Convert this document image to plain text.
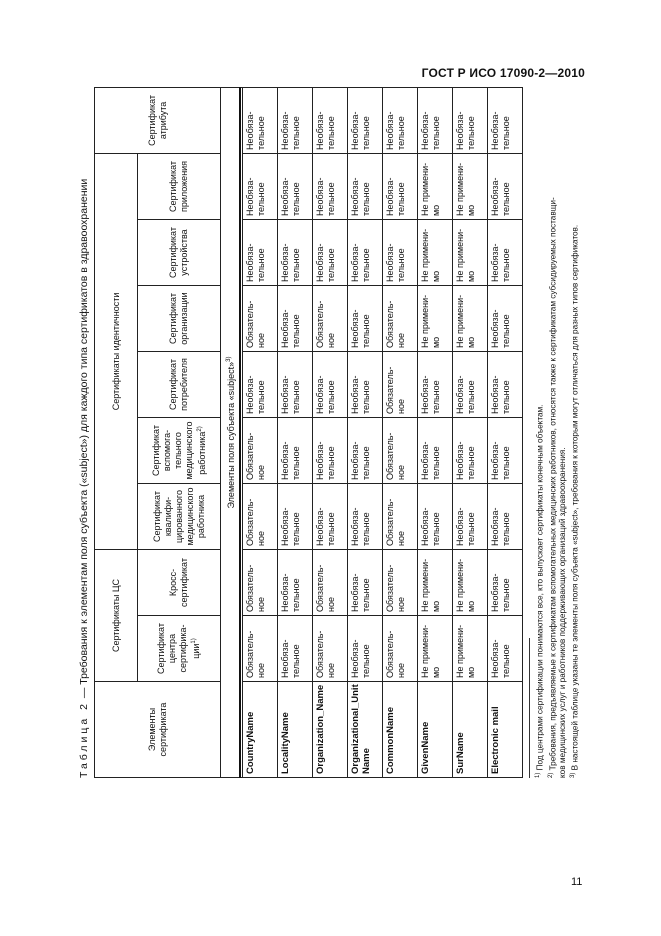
ГОСТ Р ИСО 17090-2—2010
Таблица 2 — Требования к элементам поля субъекта («subject») для каждого типа сертификатов в здравоохранении
Элементы сертификата	Сертификаты ЦС		Сертификаты идентичности						Сертификат атрибута
	Сертификат центра сертифика-ции$^{1)}$	Кросс-сертификат	Сертификат квалифи-цированного медицинского работника	Сертификат вспомога-тельного медицинского работника$^{2)}$	Сертификат потребителя	Сертификат организации	Сертификат устройства	Сертификат приложения	
Элементы поля субъекта «subject»$^{3)}$

CountryName	Обязатель-ное	Обязатель-ное	Обязатель-ное	Обязатель-ное	Необяза-тельное	Обязатель-ное	Необяза-тельное	Необяза-тельное	Необяза-тельное
LocalityName	Необяза-тельное	Необяза-тельное	Необяза-тельное	Необяза-тельное	Необяза-тельное	Необяза-тельное	Необяза-тельное	Необяза-тельное	Необяза-тельное
Organization_Name	Обязатель-ное	Обязатель-ное	Необяза-тельное	Необяза-тельное	Необяза-тельное	Обязатель-ное	Необяза-тельное	Необяза-тельное	Необяза-тельное
Organizational_Unit Name	Необяза-тельное	Необяза-тельное	Необяза-тельное	Необяза-тельное	Необяза-тельное	Необяза-тельное	Необяза-тельное	Необяза-тельное	Необяза-тельное
CommonName	Обязатель-ное	Обязатель-ное	Обязатель-ное	Обязатель-ное	Обязатель-ное	Обязатель-ное	Необяза-тельное	Необяза-тельное	Необяза-тельное
GivenName	Не примени-мо	Не примени-мо	Необяза-тельное	Необяза-тельное	Необяза-тельное	Не примени-мо	Не примени-мо	Не примени-мо	Необяза-тельное
SurName	Не примени-мо	Не примени-мо	Необяза-тельное	Необяза-тельное	Необяза-тельное	Не примени-мо	Не примени-мо	Не примени-мо	Необяза-тельное
Electronic mail	Необяза-тельное	Необяза-тельное	Необяза-тельное	Необяза-тельное	Необяза-тельное	Необяза-тельное	Необяза-тельное	Необяза-тельное	Необяза-тельное
$^{1)}$ Под центрами сертификации понимаются все, кто выпускает сертификаты конечным объектам.
$^{2)}$ Требования, предъявляемые к сертификатам вспомогательных медицинских работников, относятся также к сертификатам субсидируемых поставщи- ков медицинских услуг и работников поддерживающих организаций здравоохранения. $^{3)}$ В настоящей таблице указаны те элементы поля субъекта «subject», требования к которым могут отличаться для разных типов сертификатов.
11
